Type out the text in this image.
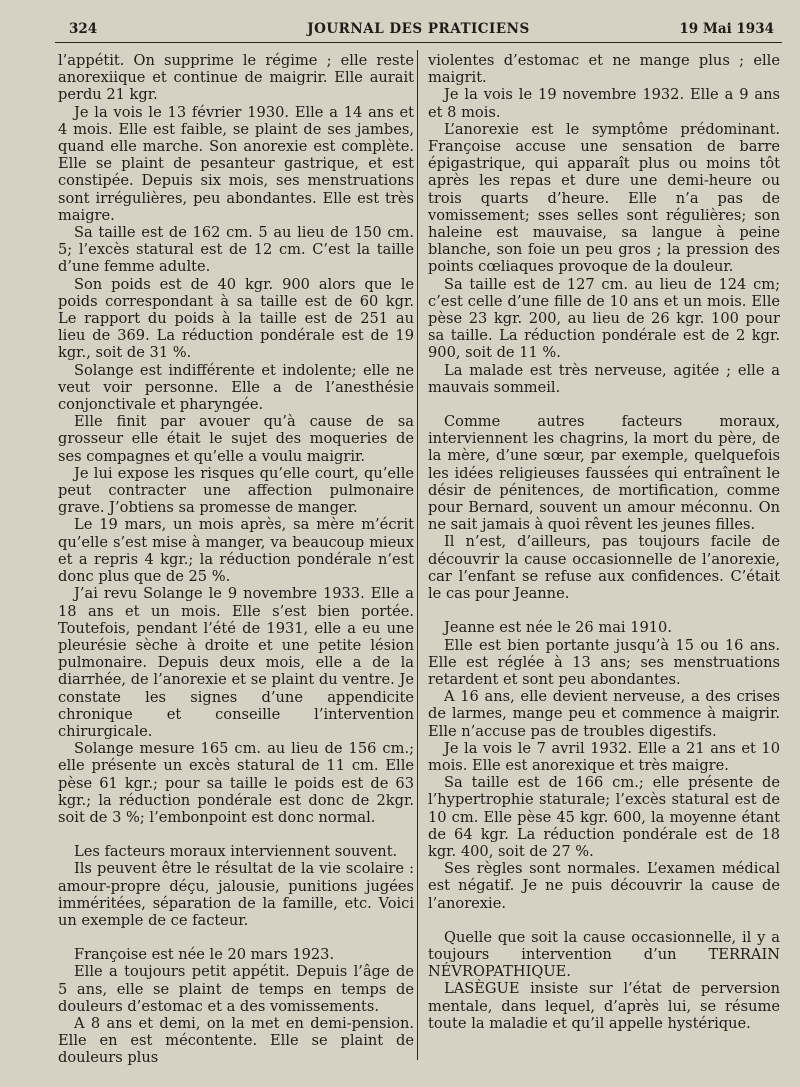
324	JOURNAL DES PRATICIENS	19 Mai 1934

l’appétit. On supprime le régime ; elle reste anorexiique et continue de maigrir. Elle aurait perdu 21 kgr.

Je la vois le 13 février 1930. Elle a 14 ans et 4 mois. Elle est faible, se plaint de ses jambes, quand elle marche. Son anorexie est complète. Elle se plaint de pesanteur gastrique, et est constipée. Depuis six mois, ses menstruations sont irrégulières, peu abondantes. Elle est très maigre.

Sa taille est de 162 cm. 5 au lieu de 150 cm. 5; l’excès statural est de 12 cm. C’est la taille d’une femme adulte.

Son poids est de 40 kgr. 900 alors que le poids correspondant à sa taille est de 60 kgr. Le rapport du poids à la taille est de 251 au lieu de 369. La réduction pondérale est de 19 kgr., soit de 31 %.

Solange est indifférente et indolente; elle ne veut voir personne. Elle a de l’anesthésie conjonctivale et pharyngée.

Elle finit par avouer qu’à cause de sa grosseur elle était le sujet des moqueries de ses compagnes et qu’elle a voulu maigrir.

Je lui expose les risques qu’elle court, qu’elle peut contracter une affection pulmonaire grave. J’obtiens sa promesse de manger.

Le 19 mars, un mois après, sa mère m’écrit qu’elle s’est mise à manger, va beaucoup mieux et a repris 4 kgr.; la réduction pondérale n’est donc plus que de 25 %.

J’ai revu Solange le 9 novembre 1933. Elle a 18 ans et un mois. Elle s’est bien portée. Toutefois, pendant l’été de 1931, elle a eu une pleurésie sèche à droite et une petite lésion pulmonaire. Depuis deux mois, elle a de la diarrhée, de l’anorexie et se plaint du ventre. Je constate les signes d’une appendicite chronique et conseille l’intervention chirurgicale.

Solange mesure 165 cm. au lieu de 156 cm.; elle présente un excès statural de 11 cm. Elle pèse 61 kgr.; pour sa taille le poids est de 63 kgr.; la réduction pondérale est donc de 2kgr. soit de 3 %; l’embonpoint est donc normal.

Les facteurs moraux interviennent souvent.

Ils peuvent être le résultat de la vie scolaire : amour-propre déçu, jalousie, punitions jugées imméritées, séparation de la famille, etc. Voici un exemple de ce facteur.

Françoise est née le 20 mars 1923.

Elle a toujours petit appétit. Depuis l’âge de 5 ans, elle se plaint de temps en temps de douleurs d’estomac et a des vomissements.

A 8 ans et demi, on la met en demi-pension. Elle en est mécontente. Elle se plaint de douleurs plus

violentes d’estomac et ne mange plus ; elle maigrit.

Je la vois le 19 novembre 1932. Elle a 9 ans et 8 mois.

L’anorexie est le symptôme prédominant. Françoise accuse une sensation de barre épigastrique, qui apparaît plus ou moins tôt après les repas et dure une demi-heure ou trois quarts d’heure. Elle n’a pas de vomissement; sses selles sont régulières; son haleine est mauvaise, sa langue à peine blanche, son foie un peu gros ; la pression des points cœliaques provoque de la douleur.

Sa taille est de 127 cm. au lieu de 124 cm; c’est celle d’une fille de 10 ans et un mois. Elle pèse 23 kgr. 200, au lieu de 26 kgr. 100 pour sa taille. La réduction pondérale est de 2 kgr. 900, soit de 11 %.

La malade est très nerveuse, agitée ; elle a mauvais sommeil.

Comme autres facteurs moraux, interviennent les chagrins, la mort du père, de la mère, d’une sœur, par exemple, quelquefois les idées religieuses faussées qui entraînent le désir de pénitences, de mortification, comme pour Bernard, souvent un amour méconnu. On ne sait jamais à quoi rêvent les jeunes filles.

Il n’est, d’ailleurs, pas toujours facile de découvrir la cause occasionnelle de l’anorexie, car l’enfant se refuse aux confidences. C’était le cas pour Jeanne.

Jeanne est née le 26 mai 1910.

Elle est bien portante jusqu’à 15 ou 16 ans. Elle est réglée à 13 ans; ses menstruations retardent et sont peu abondantes.

A 16 ans, elle devient nerveuse, a des crises de larmes, mange peu et commence à maigrir. Elle n’accuse pas de troubles digestifs.

Je la vois le 7 avril 1932. Elle a 21 ans et 10 mois. Elle est anorexique et très maigre.

Sa taille est de 166 cm.; elle présente de l’hypertrophie staturale; l’excès statural est de 10 cm. Elle pèse 45 kgr. 600, la moyenne étant de 64 kgr. La réduction pondérale est de 18 kgr. 400, soit de 27 %.

Ses règles sont normales. L’examen médical est négatif. Je ne puis découvrir la cause de l’anorexie.

Quelle que soit la cause occasionnelle, il y a toujours intervention d’un TERRAIN NÉVROPATHIQUE.

LASÈGUE insiste sur l’état de perversion mentale, dans lequel, d’après lui, se résume toute la maladie et qu’il appelle hystérique.
